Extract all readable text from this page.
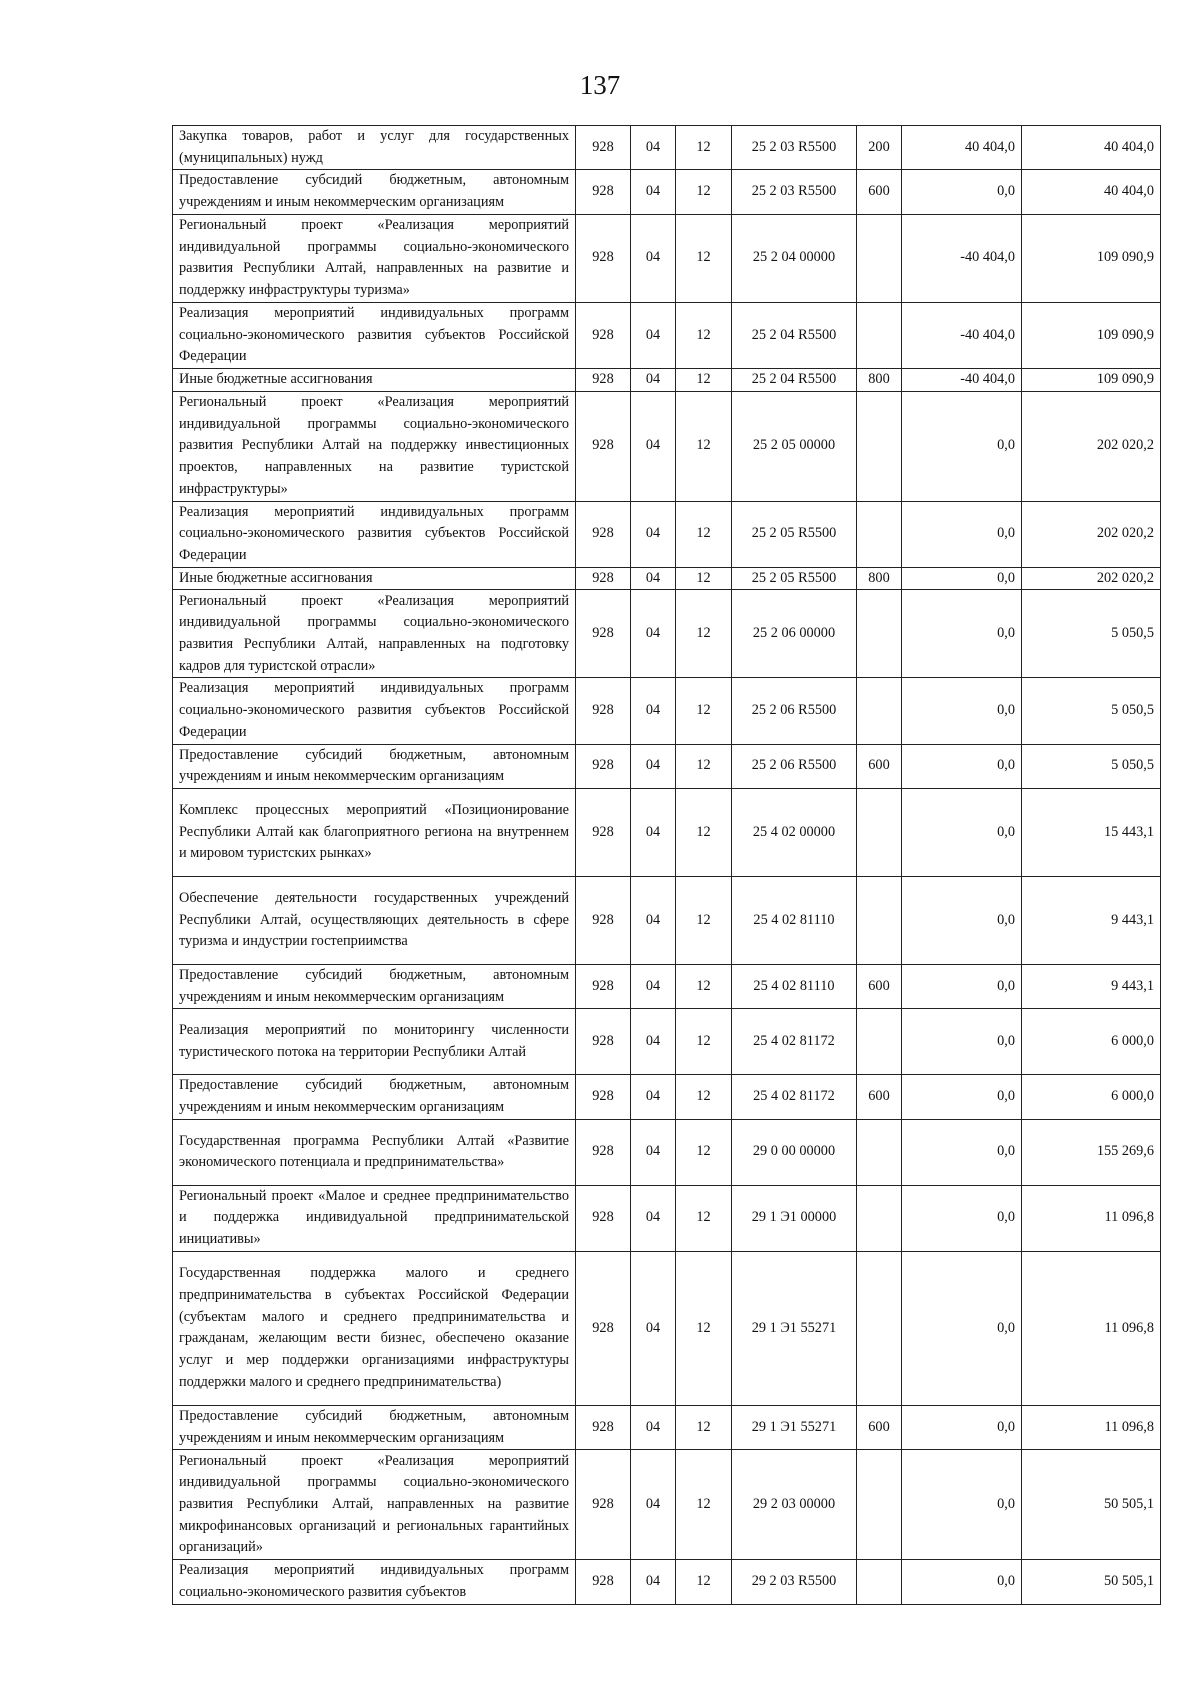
137
Закупка товаров, работ и услуг для государственных (муниципальных) нужд	928	04	12	25 2 03 R5500	200	40 404,0	40 404,0
Предоставление субсидий бюджетным, автономным учреждениям и иным некоммерческим организациям	928	04	12	25 2 03 R5500	600	0,0	40 404,0
Региональный проект «Реализация мероприятий индивидуальной программы социально-экономического развития Республики Алтай, направленных на развитие и поддержку инфраструктуры туризма»	928	04	12	25 2 04 00000		-40 404,0	109 090,9
Реализация мероприятий индивидуальных программ социально-экономического развития субъектов Российской Федерации	928	04	12	25 2 04 R5500		-40 404,0	109 090,9
Иные бюджетные ассигнования	928	04	12	25 2 04 R5500	800	-40 404,0	109 090,9
Региональный проект «Реализация мероприятий индивидуальной программы социально-экономического развития Республики Алтай на поддержку инвестиционных проектов, направленных на развитие туристской инфраструктуры»	928	04	12	25 2 05 00000		0,0	202 020,2
Реализация мероприятий индивидуальных программ социально-экономического развития субъектов Российской Федерации	928	04	12	25 2 05 R5500		0,0	202 020,2
Иные бюджетные ассигнования	928	04	12	25 2 05 R5500	800	0,0	202 020,2
Региональный проект «Реализация мероприятий индивидуальной программы социально-экономического развития Республики Алтай, направленных на подготовку кадров для туристской отрасли»	928	04	12	25 2 06 00000		0,0	5 050,5
Реализация мероприятий индивидуальных программ социально-экономического развития субъектов Российской Федерации	928	04	12	25 2 06 R5500		0,0	5 050,5
Предоставление субсидий бюджетным, автономным учреждениям и иным некоммерческим организациям	928	04	12	25 2 06 R5500	600	0,0	5 050,5
Комплекс процессных мероприятий «Позиционирование Республики Алтай как благоприятного региона на внутреннем и мировом туристских рынках»	928	04	12	25 4 02 00000		0,0	15 443,1
Обеспечение деятельности государственных учреждений Республики Алтай, осуществляющих деятельность в сфере туризма и индустрии гостеприимства	928	04	12	25 4 02 81110		0,0	9 443,1
Предоставление субсидий бюджетным, автономным учреждениям и иным некоммерческим организациям	928	04	12	25 4 02 81110	600	0,0	9 443,1
Реализация мероприятий по мониторингу численности туристического потока на территории Республики Алтай	928	04	12	25 4 02 81172		0,0	6 000,0
Предоставление субсидий бюджетным, автономным учреждениям и иным некоммерческим организациям	928	04	12	25 4 02 81172	600	0,0	6 000,0
Государственная программа Республики Алтай «Развитие экономического потенциала и предпринимательства»	928	04	12	29 0 00 00000		0,0	155 269,6
Региональный проект «Малое и среднее предпринимательство и поддержка индивидуальной предпринимательской инициативы»	928	04	12	29 1 Э1 00000		0,0	11 096,8
Государственная поддержка малого и среднего предпринимательства в субъектах Российской Федерации (субъектам малого и среднего предпринимательства и гражданам, желающим вести бизнес, обеспечено оказание услуг и мер поддержки организациями инфраструктуры поддержки малого и среднего предпринимательства)	928	04	12	29 1 Э1 55271		0,0	11 096,8
Предоставление субсидий бюджетным, автономным учреждениям и иным некоммерческим организациям	928	04	12	29 1 Э1 55271	600	0,0	11 096,8
Региональный проект «Реализация мероприятий индивидуальной программы социально-экономического развития Республики Алтай, направленных на развитие микрофинансовых организаций и региональных гарантийных организаций»	928	04	12	29 2 03 00000		0,0	50 505,1
Реализация мероприятий индивидуальных программ социально-экономического развития субъектов	928	04	12	29 2 03 R5500		0,0	50 505,1
